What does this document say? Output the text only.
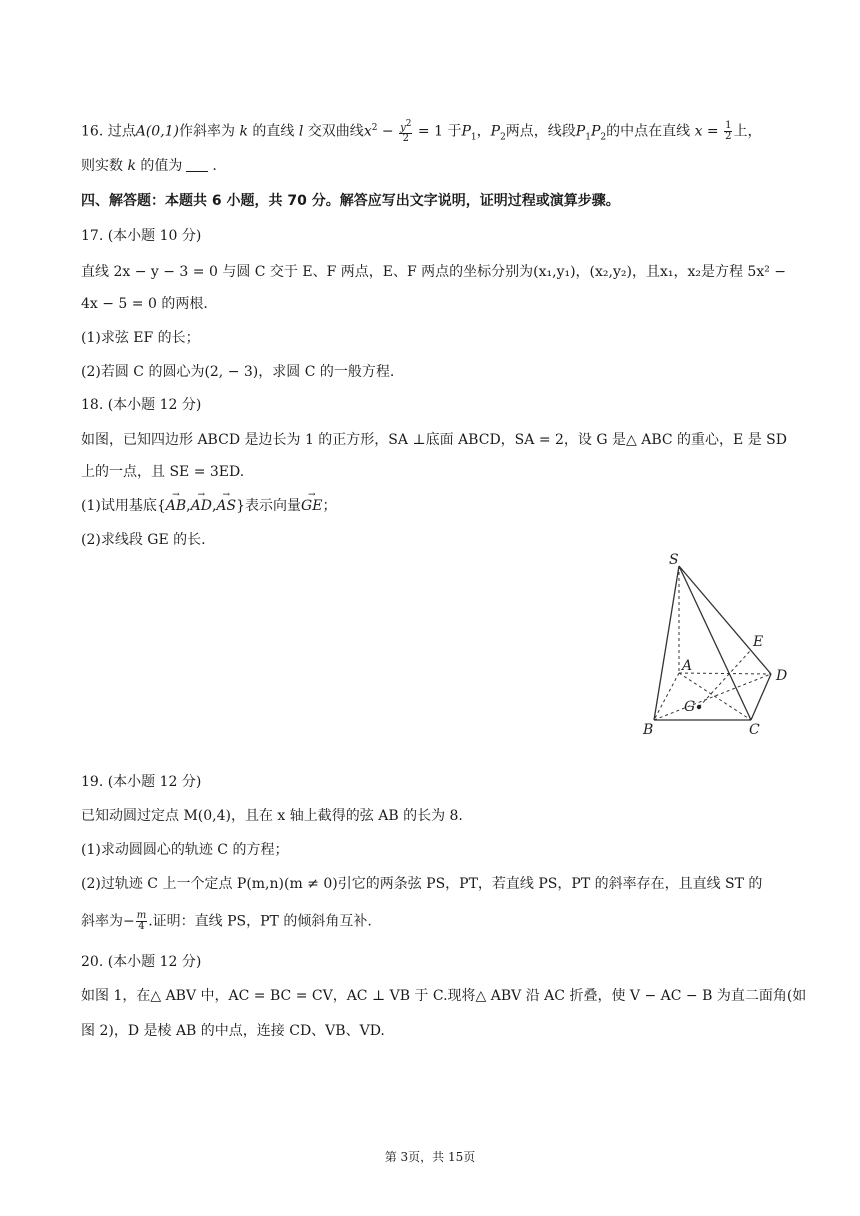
16. 过点A(0,1)作斜率为 k 的直线 l 交双曲线$x^2 - \frac{y^2}{2} = 1$ 于$P_1$，$P_2$两点，线段$P_1P_2$的中点在直线 $x = \frac{1}{2}$ 上，
则实数 k 的值为 .
四、解答题：本题共 6 小题，共 70 分。解答应写出文字说明，证明过程或演算步骤。
17. (本小题 10 分)
直线 2x − y − 3 = 0 与圆 C 交于 E、F 两点，E、F 两点的坐标分别为(x₁,y₁)，(x₂,y₂)，且x₁，x₂是方程 5x² −
4x − 5 = 0 的两根.
(1)求弦 EF 的长；
(2)若圆 C 的圆心为(2, − 3)，求圆 C 的一般方程.
18. (本小题 12 分)
如图，已知四边形 ABCD 是边长为 1 的正方形，SA ⊥底面 ABCD，SA = 2，设 G 是△ ABC 的重心，E 是 SD
上的一点，且 SE = 3ED.
(1)试用基底{→ AB,→ AD,→ AS}表示向量→ GE；
(2)求线段 GE 的长.
S
E
A
D
G
B	C
19. (本小题 12 分)
已知动圆过定点 M(0,4)，且在 x 轴上截得的弦 AB 的长为 8.
(1)求动圆圆心的轨迹 C 的方程；
(2)过轨迹 C 上一个定点 P(m,n)(m ≠ 0)引它的两条弦 PS，PT，若直线 PS，PT 的斜率存在，且直线 ST 的
斜率为− $\frac{m}{4}$ .证明：直线 PS，PT 的倾斜角互补.
20. (本小题 12 分)
如图 1，在△ ABV 中，AC = BC = CV，AC ⊥ VB 于 C.现将△ ABV 沿 AC 折叠，使 V − AC − B 为直二面角(如
图 2)，D 是棱 AB 的中点，连接 CD、VB、VD.
第 3页，共 15页
